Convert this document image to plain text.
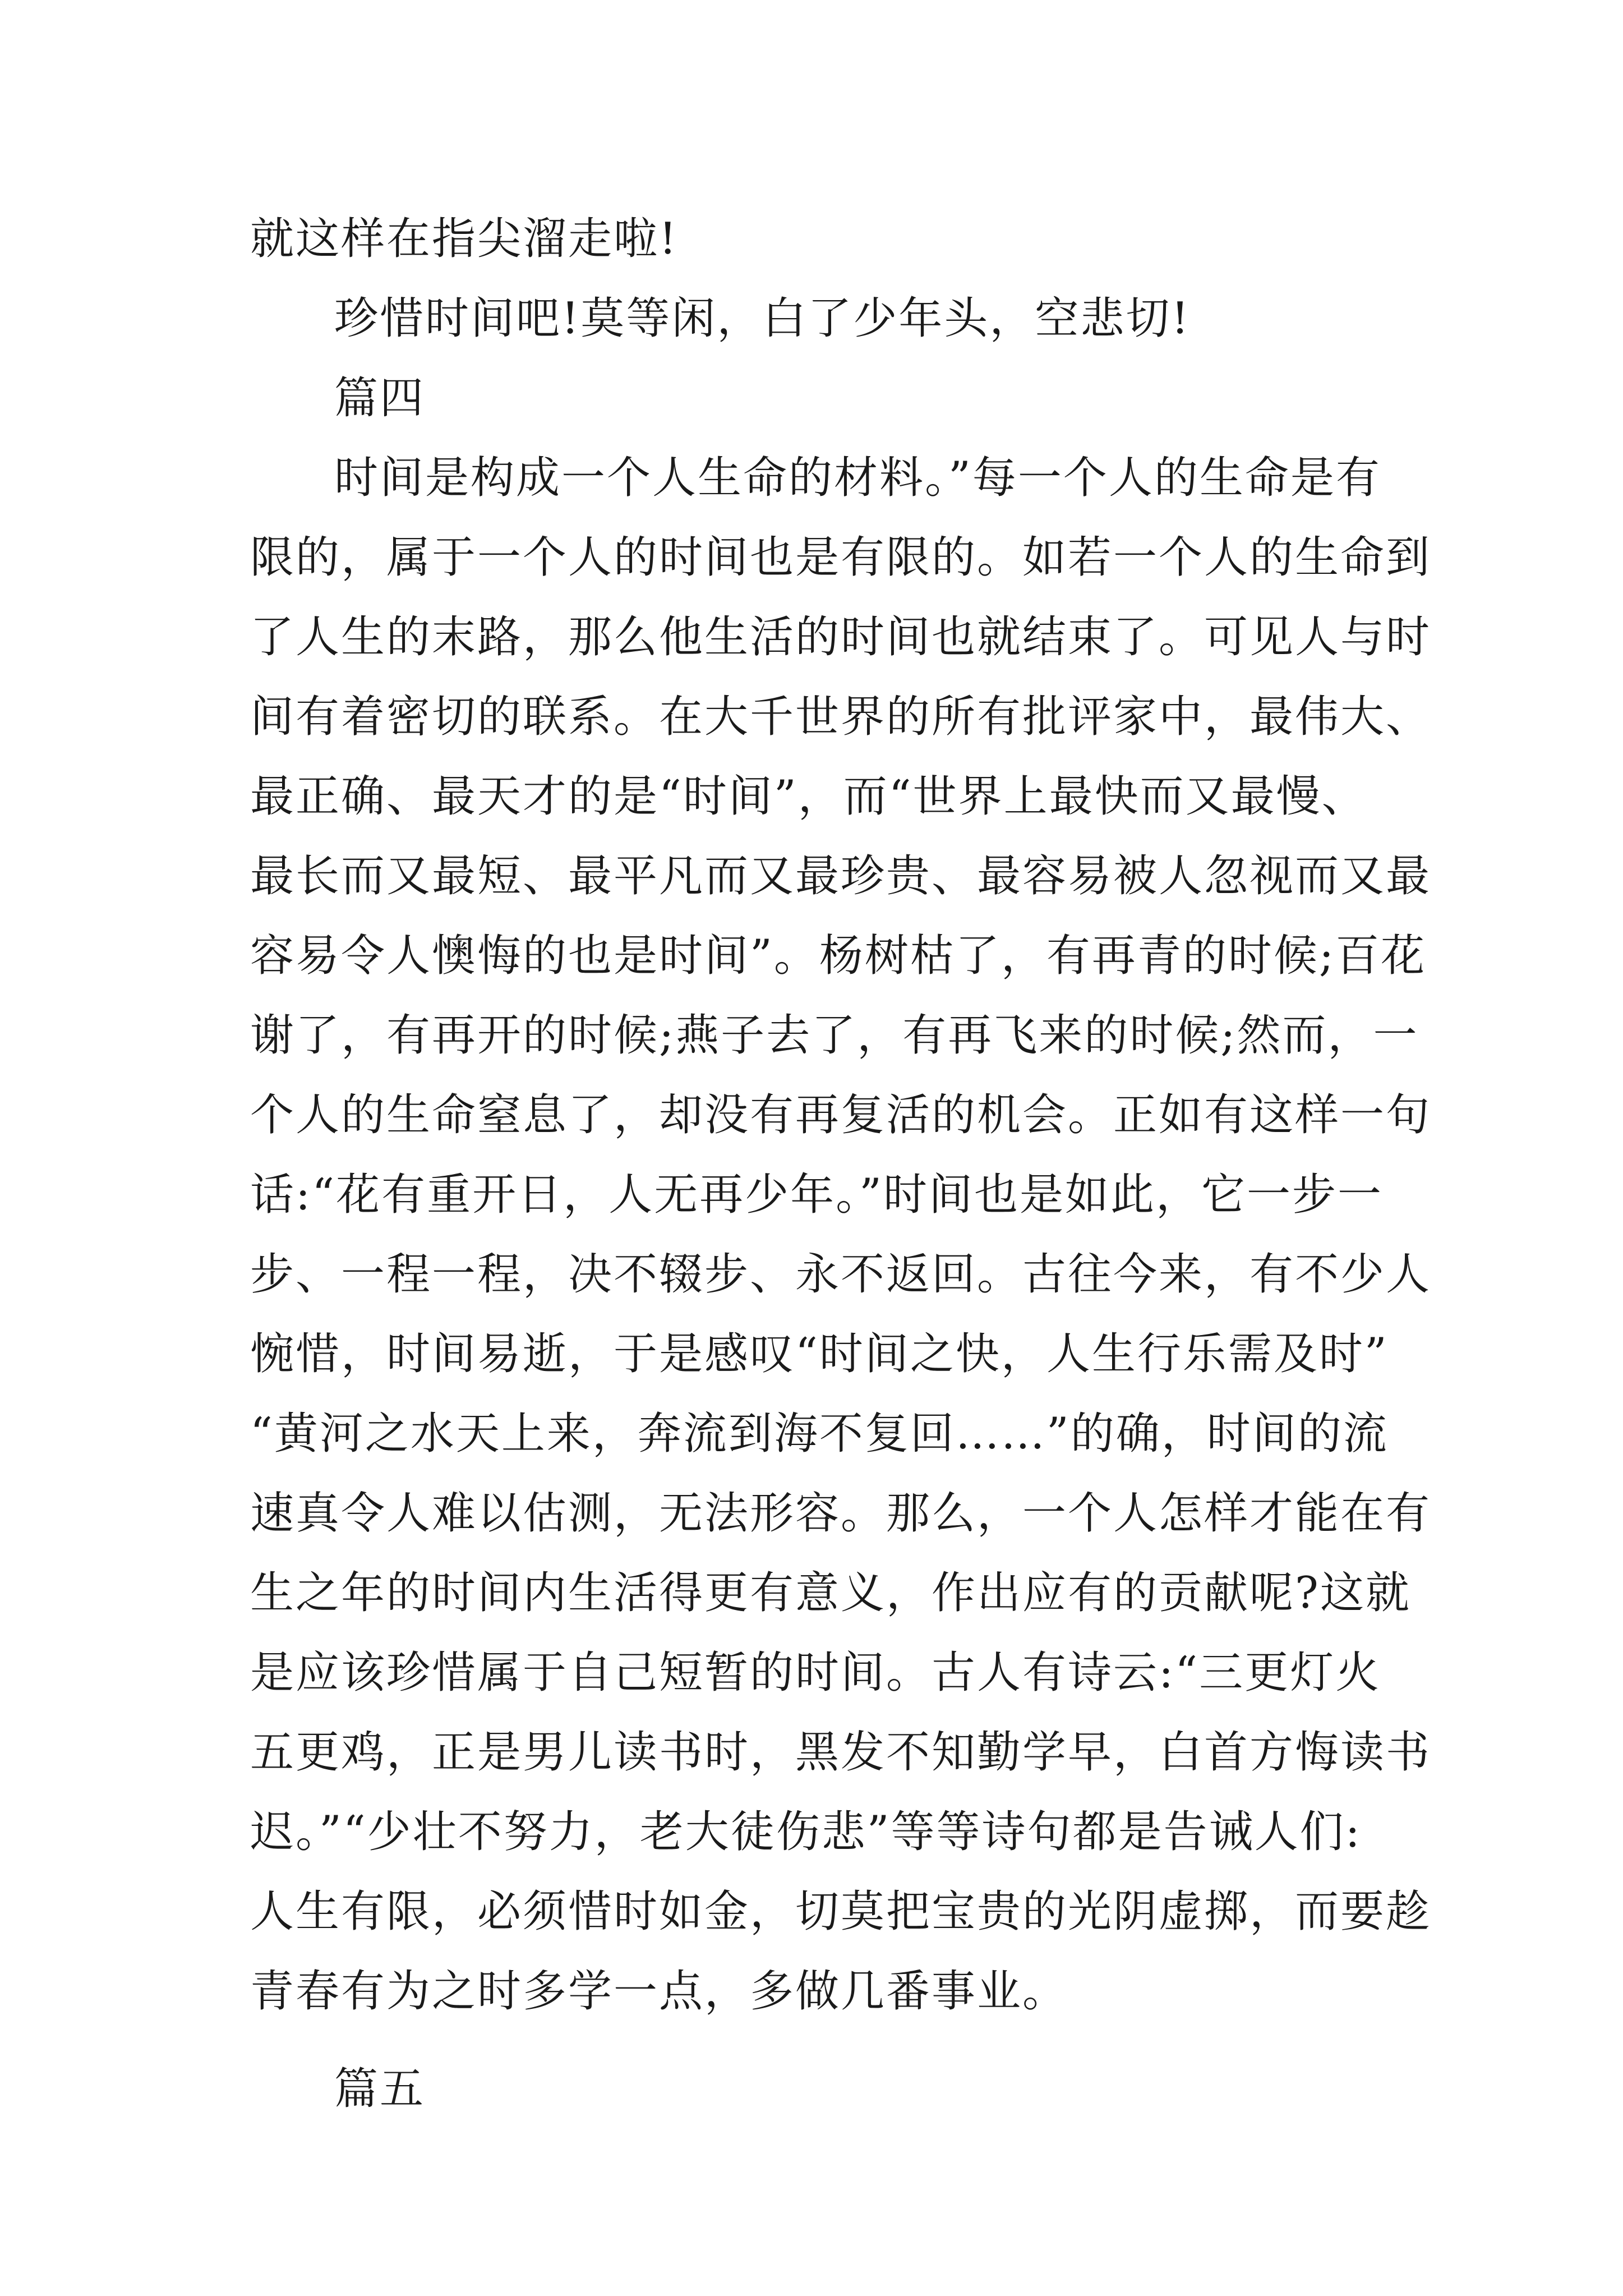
就这样在指尖溜走啦!
珍惜时间吧!莫等闲，白了少年头，空悲切!
篇四
时间是构成一个人生命的材料。”每一个人的生命是有
限的，属于一个人的时间也是有限的。如若一个人的生命到
了人生的末路，那么他生活的时间也就结束了。可见人与时
间有着密切的联系。在大千世界的所有批评家中，最伟大、
最正确、最天才的是“时间”，而“世界上最快而又最慢、
最长而又最短、最平凡而又最珍贵、最容易被人忽视而又最
容易令人懊悔的也是时间”。杨树枯了，有再青的时候;百花
谢了，有再开的时候;燕子去了，有再飞来的时候;然而，一
个人的生命窒息了，却没有再复活的机会。正如有这样一句
话:“花有重开日，人无再少年。”时间也是如此，它一步一
步、一程一程，决不辍步、永不返回。古往今来，有不少人
惋惜，时间易逝，于是感叹“时间之快，人生行乐需及时”
“黄河之水天上来，奔流到海不复回……”的确，时间的流
速真令人难以估测，无法形容。那么，一个人怎样才能在有
生之年的时间内生活得更有意义，作出应有的贡献呢?这就
是应该珍惜属于自己短暂的时间。古人有诗云:“三更灯火
五更鸡，正是男儿读书时，黑发不知勤学早，白首方悔读书
迟。”“少壮不努力，老大徒伤悲”等等诗句都是告诫人们:
人生有限，必须惜时如金，切莫把宝贵的光阴虚掷，而要趁
青春有为之时多学一点，多做几番事业。
篇五
